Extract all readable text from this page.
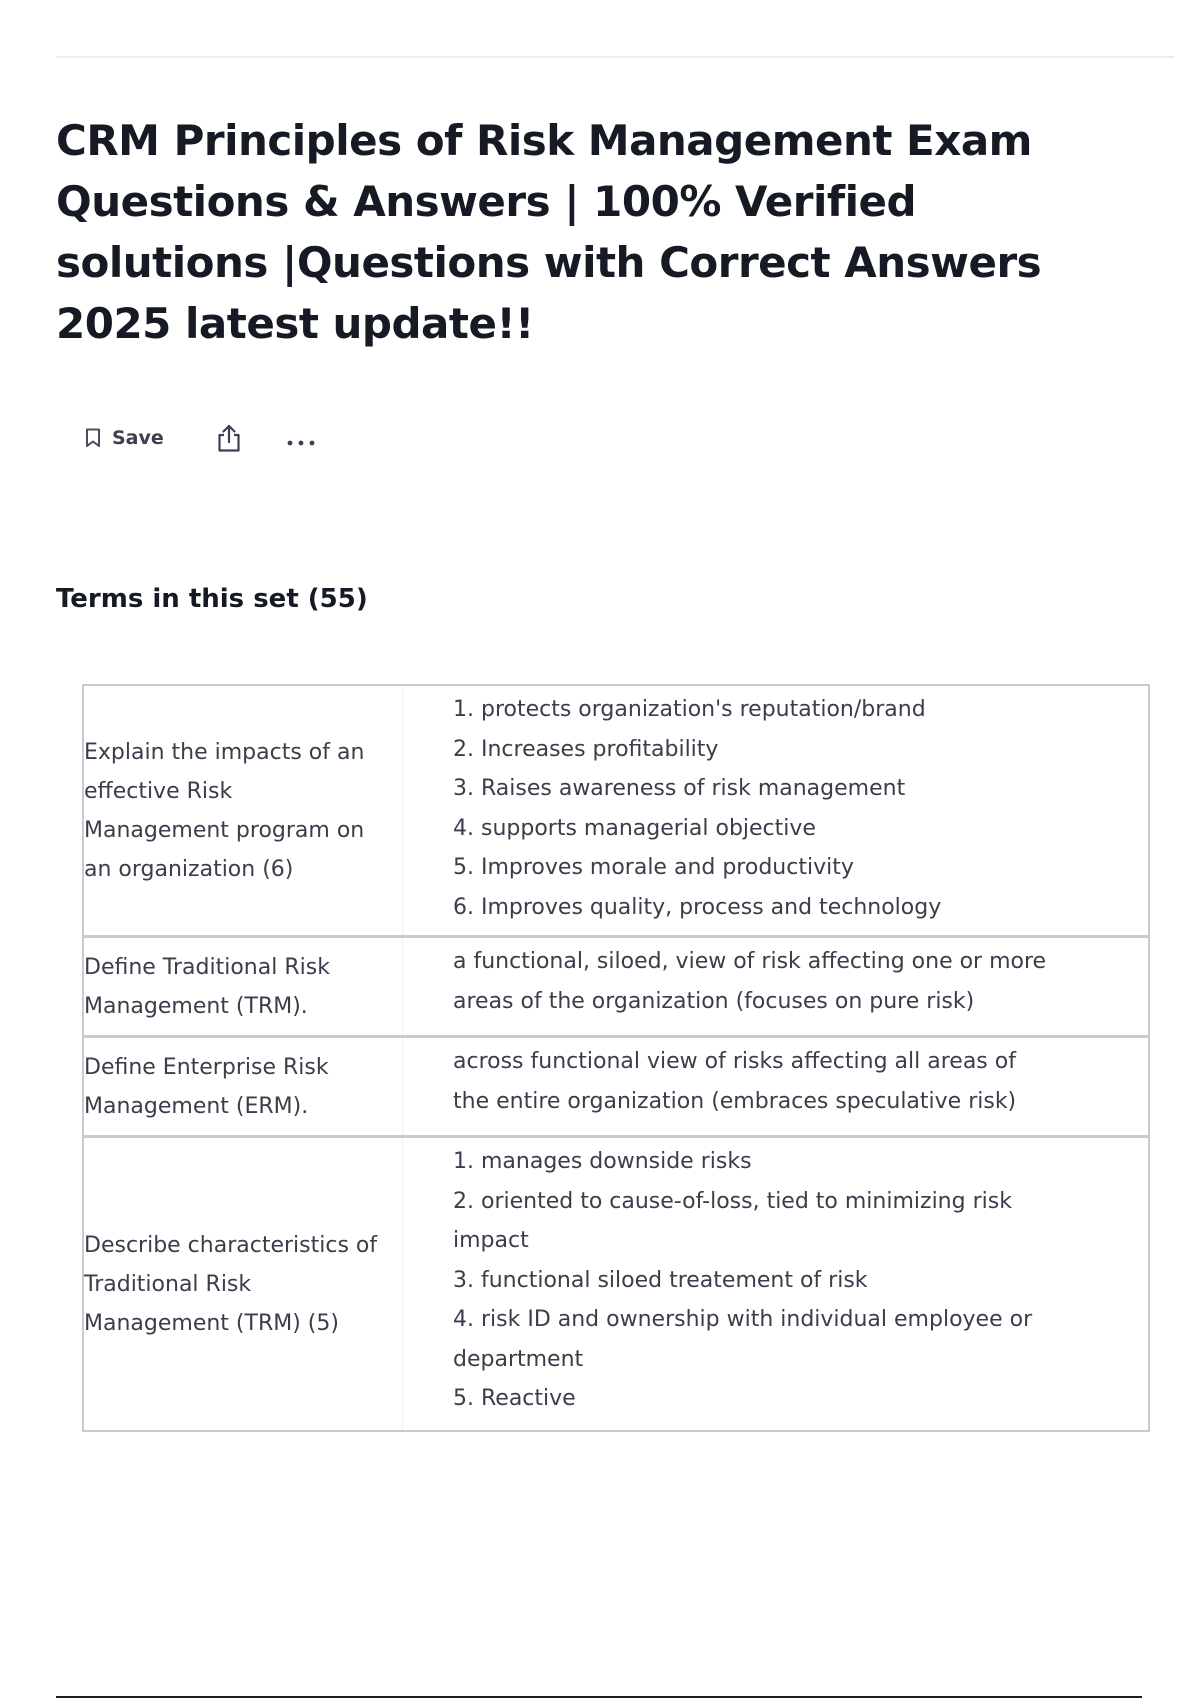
CRM Principles of Risk Management Exam Questions & Answers | 100% Verified solutions |Questions with Correct Answers 2025 latest update!!
Save
Terms in this set (55)
Explain the impacts of an
effective Risk
Management program on
an organization (6)
1. protects organization's reputation/brand
2. Increases profitability
3. Raises awareness of risk management
4. supports managerial objective
5. Improves morale and productivity
6. Improves quality, process and technology
Define Traditional Risk
Management (TRM).
a functional, siloed, view of risk affecting one or more
areas of the organization (focuses on pure risk)
Define Enterprise Risk
Management (ERM).
across functional view of risks affecting all areas of
the entire organization (embraces speculative risk)
Describe characteristics of
Traditional Risk
Management (TRM) (5)
1. manages downside risks
2. oriented to cause-of-loss, tied to minimizing risk
impact
3. functional siloed treatement of risk
4. risk ID and ownership with individual employee or
department
5. Reactive
